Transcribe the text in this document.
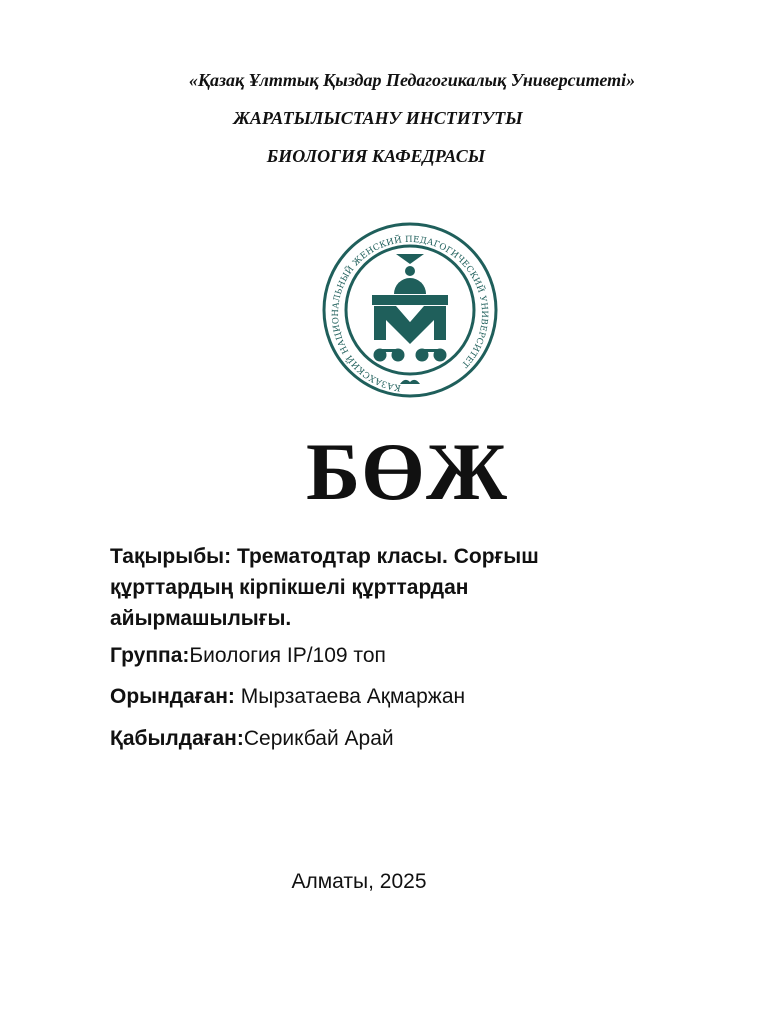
«Қазақ Ұлттық Қыздар Педагогикалық Университеті»
ЖАРАТЫЛЫСТАНУ ИНСТИТУТЫ
БИОЛОГИЯ КАФЕДРАСЫ
КАЗАХСКИЙ НАЦИОНАЛЬНЫЙ ЖЕНСКИЙ ПЕДАГОГИЧЕСКИЙ УНИВЕРСИТЕТ
БӨЖ
Тақырыбы: Трематодтар класы. Сорғыш құрттардың кірпікшелі құрттардан айырмашылығы.
Группа:Биология IP/109 топ
Орындаған: Мырзатаева Ақмаржан
Қабылдаған:Серикбай Арай
Алматы, 2025
